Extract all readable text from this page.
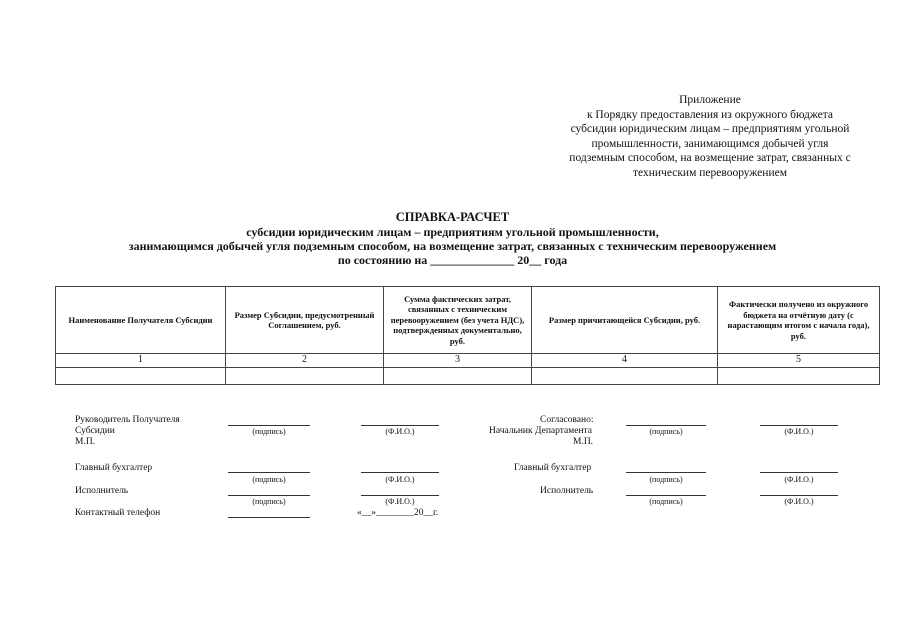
Приложение
к Порядку предоставления из окружного бюджета
субсидии юридическим лицам – предприятиям угольной
промышленности, занимающимся добычей угля
подземным способом, на возмещение затрат, связанных с
техническим перевооружением
СПРАВКА-РАСЧЕТ
субсидии юридическим лицам – предприятиям угольной промышленности,
занимающимся добычей угля подземным способом, на возмещение затрат, связанных с техническим перевооружением
по состоянию на ______________ 20__ года
Наименование Получателя Субсидии	Размер Субсидии, предусмотренный Соглашением, руб.	Сумма фактических затрат, связанных с техническим перевооружением (без учета НДС), подтвержденных документально, руб.	Размер причитающейся Субсидии, руб.	Фактически получено из окружного бюджета на отчётную дату (с нарастающим итогом с начала года), руб.
1	2	3	4	5

Руководитель Получателя
Субсидии
М.П.
(подпись)	(Ф.И.О.)
Главный бухгалтер
(подпись)	(Ф.И.О.)
Исполнитель
(подпись)	(Ф.И.О.)
Контактный телефон	«__»________20__г.
Согласовано:
Начальник Департамента
М.П.
(подпись)	(Ф.И.О.)
Главный бухгалтер
(подпись)	(Ф.И.О.)
Исполнитель
(подпись)	(Ф.И.О.)
